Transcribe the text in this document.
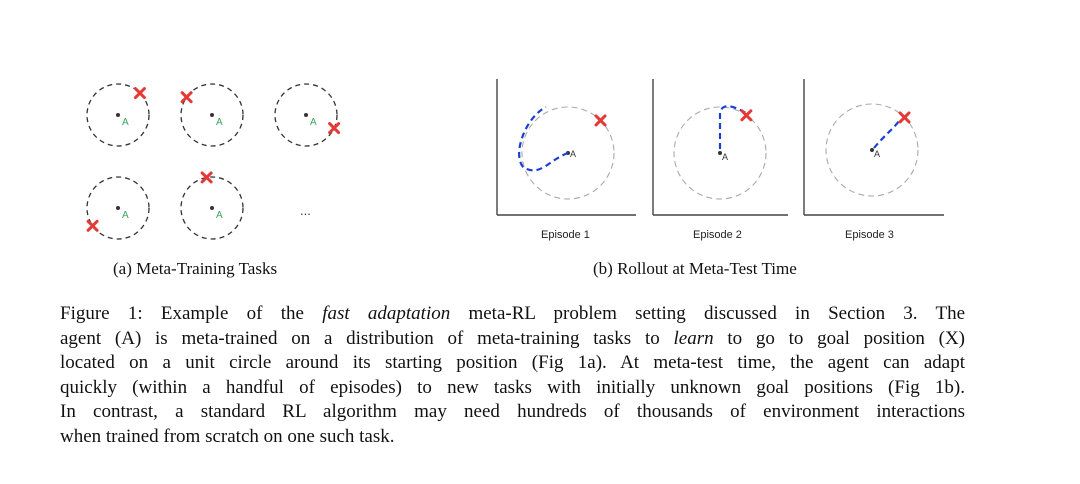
A	A	A
A	A	...
A	A	A
Episode 1	Episode 2	Episode 3
(a) Meta-Training Tasks	(b) Rollout at Meta-Test Time
Figure 1: Example of the fast adaptation meta-RL problem setting discussed in Section 3. The
agent (A) is meta-trained on a distribution of meta-training tasks to learn to go to goal position (X)
located on a unit circle around its starting position (Fig 1a). At meta-test time, the agent can adapt
quickly (within a handful of episodes) to new tasks with initially unknown goal positions (Fig 1b).
In contrast, a standard RL algorithm may need hundreds of thousands of environment interactions
when trained from scratch on one such task.
